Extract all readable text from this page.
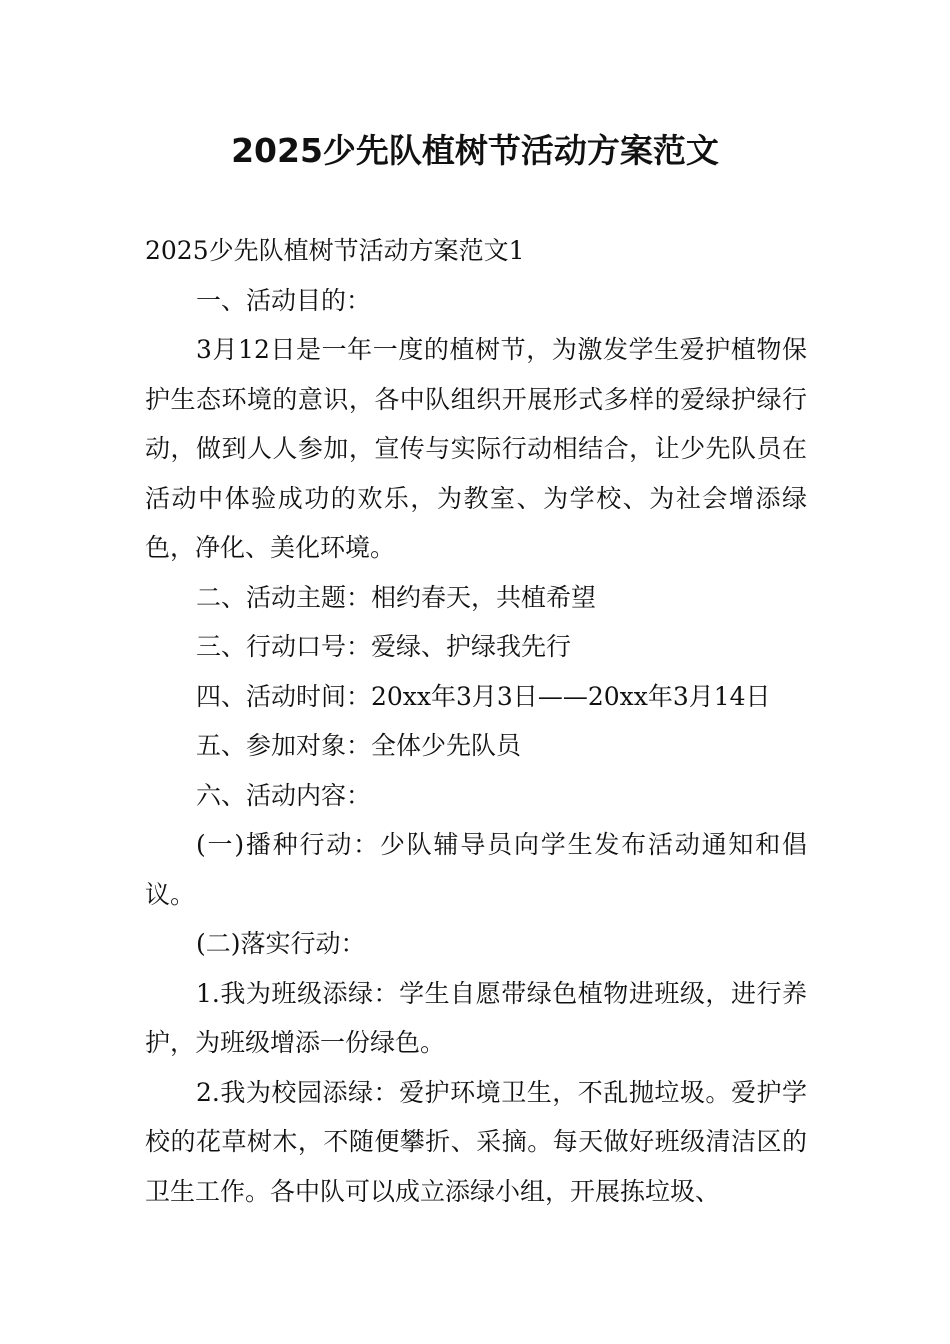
2025少先队植树节活动方案范文

2025少先队植树节活动方案范文1

一、活动目的：

3月12日是一年一度的植树节，为激发学生爱护植物保护生态环境的意识，各中队组织开展形式多样的爱绿护绿行动，做到人人参加，宣传与实际行动相结合，让少先队员在活动中体验成功的欢乐，为教室、为学校、为社会增添绿色，净化、美化环境。

二、活动主题：相约春天，共植希望

三、行动口号：爱绿、护绿我先行

四、活动时间：20xx年3月3日——20xx年3月14日

五、参加对象：全体少先队员

六、活动内容：

(一)播种行动：少队辅导员向学生发布活动通知和倡议。

(二)落实行动：

1.我为班级添绿：学生自愿带绿色植物进班级，进行养护，为班级增添一份绿色。

2.我为校园添绿：爱护环境卫生，不乱抛垃圾。爱护学校的花草树木，不随便攀折、采摘。每天做好班级清洁区的卫生工作。各中队可以成立添绿小组，开展拣垃圾、
